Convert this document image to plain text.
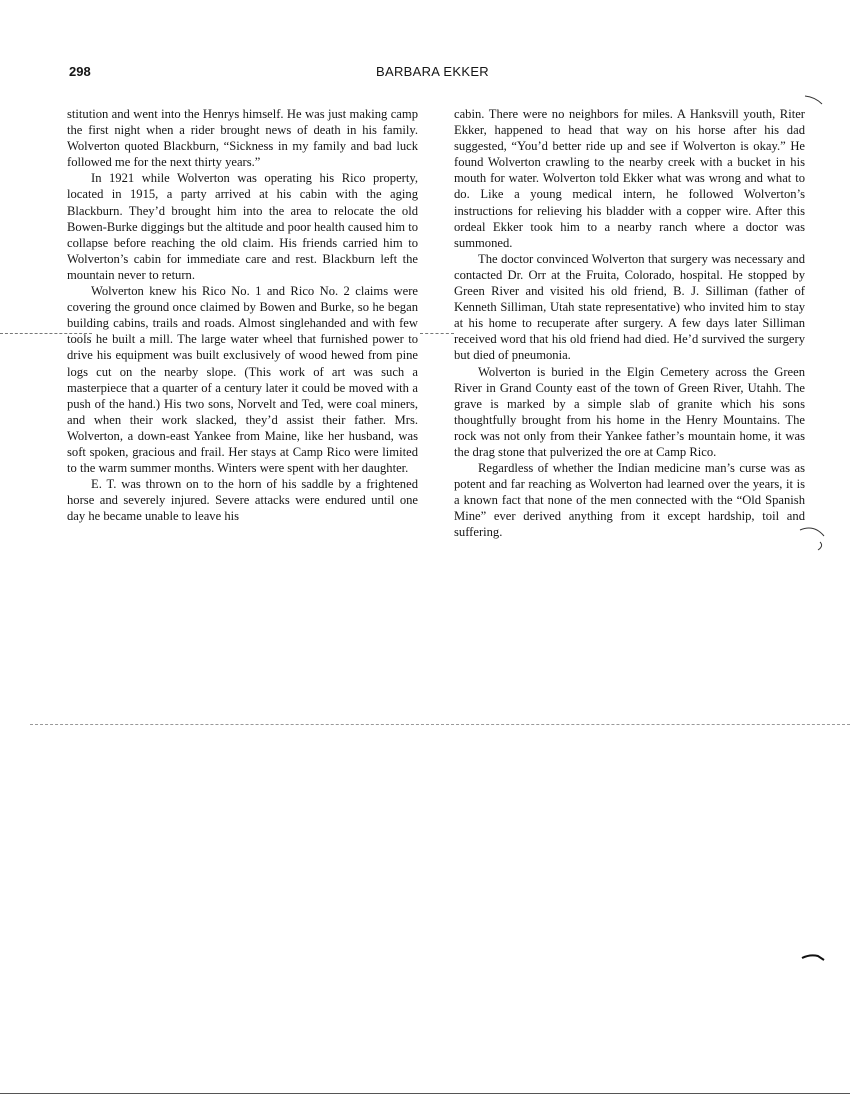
298	BARBARA EKKER

stitution and went into the Henrys himself. He was just making camp the first night when a rider brought news of death in his family. Wolverton quoted Blackburn, “Sickness in my family and bad luck followed me for the next thirty years.”

In 1921 while Wolverton was operating his Rico property, located in 1915, a party arrived at his cabin with the aging Blackburn. They’d brought him into the area to relocate the old Bowen-Burke diggings but the altitude and poor health caused him to collapse before reaching the old claim. His friends carried him to Wolverton’s cabin for immediate care and rest. Blackburn left the mountain never to return.

Wolverton knew his Rico No. 1 and Rico No. 2 claims were covering the ground once claimed by Bowen and Burke, so he began building cabins, trails and roads. Almost singlehanded and with few tools he built a mill. The large water wheel that furnished power to drive his equipment was built exclusively of wood hewed from pine logs cut on the nearby slope. (This work of art was such a masterpiece that a quarter of a century later it could be moved with a push of the hand.) His two sons, Norvelt and Ted, were coal miners, and when their work slacked, they’d assist their father. Mrs. Wolverton, a down-east Yankee from Maine, like her husband, was soft spoken, gracious and frail. Her stays at Camp Rico were limited to the warm summer months. Winters were spent with her daughter.

E. T. was thrown on to the horn of his saddle by a frightened horse and severely injured. Severe attacks were endured until one day he became unable to leave his

cabin. There were no neighbors for miles. A Hanksvill youth, Riter Ekker, happened to head that way on his horse after his dad suggested, “You’d better ride up and see if Wolverton is okay.” He found Wolverton crawling to the nearby creek with a bucket in his mouth for water. Wolverton told Ekker what was wrong and what to do. Like a young medical intern, he followed Wolverton’s instructions for relieving his bladder with a copper wire. After this ordeal Ekker took him to a nearby ranch where a doctor was summoned.

The doctor convinced Wolverton that surgery was necessary and contacted Dr. Orr at the Fruita, Colorado, hospital. He stopped by Green River and visited his old friend, B. J. Silliman (father of Kenneth Silliman, Utah state representative) who invited him to stay at his home to recuperate after surgery. A few days later Silliman received word that his old friend had died. He’d survived the surgery but died of pneumonia.

Wolverton is buried in the Elgin Cemetery across the Green River in Grand County east of the town of Green River, Utahh. The grave is marked by a simple slab of granite which his sons thoughtfully brought from his home in the Henry Mountains. The rock was not only from their Yankee father’s mountain home, it was the drag stone that pulverized the ore at Camp Rico.

Regardless of whether the Indian medicine man’s curse was as potent and far reaching as Wolverton had learned over the years, it is a known fact that none of the men connected with the “Old Spanish Mine” ever derived anything from it except hardship, toil and suffering.
